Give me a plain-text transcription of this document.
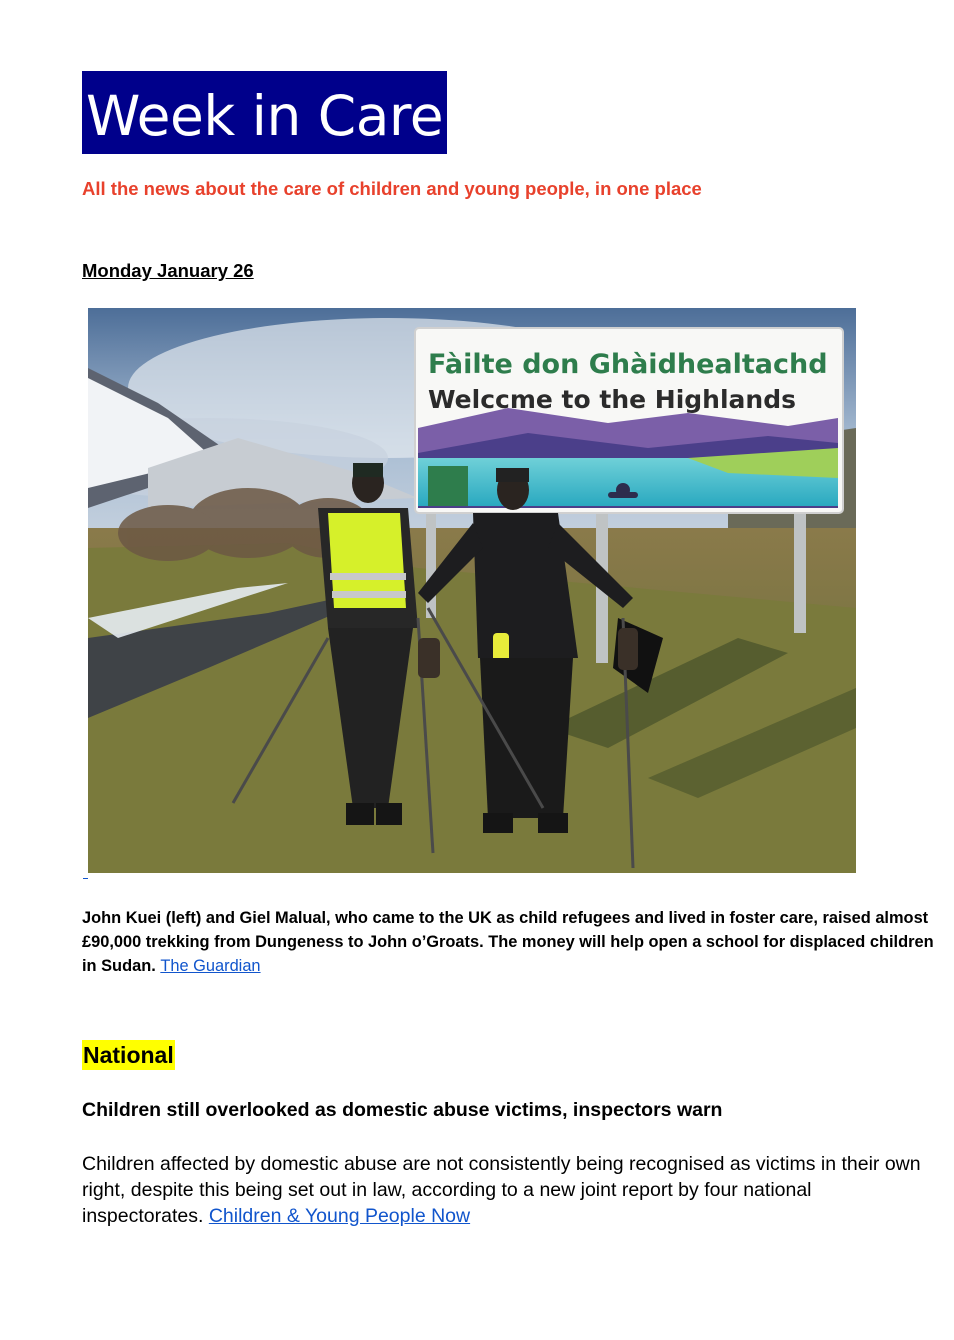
Week in Care
All the news about the care of children and young people, in one place
Monday January 26
Fàilte don Ghàidhealtachd
Welccme to the Highlands
John Kuei (left) and Giel Malual, who came to the UK as child refugees and lived in foster care, raised almost £90,000 trekking from Dungeness to John o’Groats. The money will help open a school for displaced children in Sudan. The Guardian
National
Children still overlooked as domestic abuse victims, inspectors warn
Children affected by domestic abuse are not consistently being recognised as victims in their own right, despite this being set out in law, according to a new joint report by four national inspectorates. Children & Young People Now
